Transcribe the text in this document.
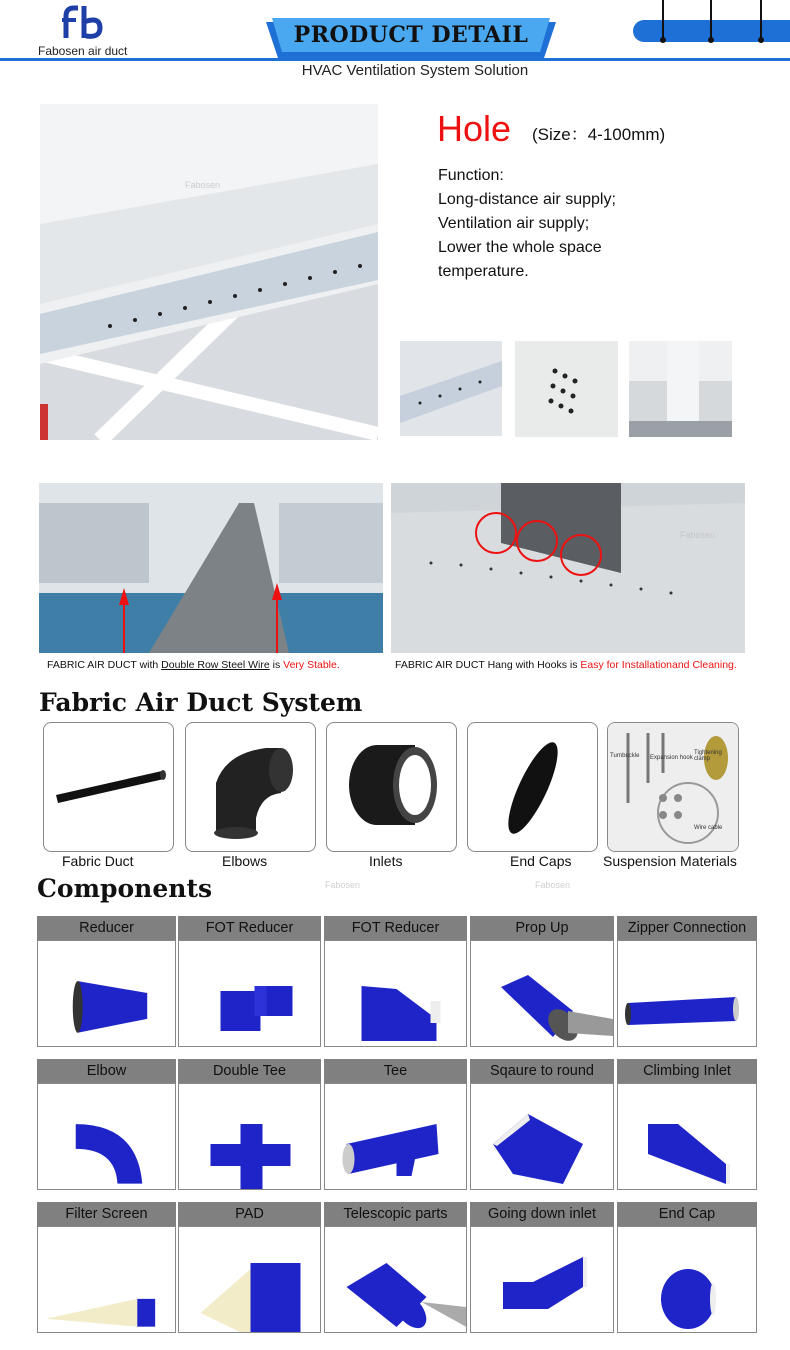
Fabosen air duct
PRODUCT DETAIL
HVAC Ventilation System Solution
Hole (Size：4-100mm)
Function:
Long-distance air supply;
Ventilation air supply;
Lower the whole space
temperature.
FABRIC AIR DUCT with Double Row Steel Wire is Very Stable.	FABRIC AIR DUCT Hang with Hooks is Easy for Installationand Cleaning.
Fabric Air Duct System
Turnbuckle Expansion hook
Tightening clamp
Wire cable
Fabric Duct	Elbows	Inlets	End Caps Suspension Materials
Components
Reducer	FOT Reducer	FOT Reducer	Prop Up	Zipper Connection
Elbow	Double Tee	Tee	Sqaure to round	Climbing Inlet
Filter Screen	PAD	Telescopic parts	Going down inlet	End Cap
Fabosen
Fabosen
Fabosen	Fabosen
